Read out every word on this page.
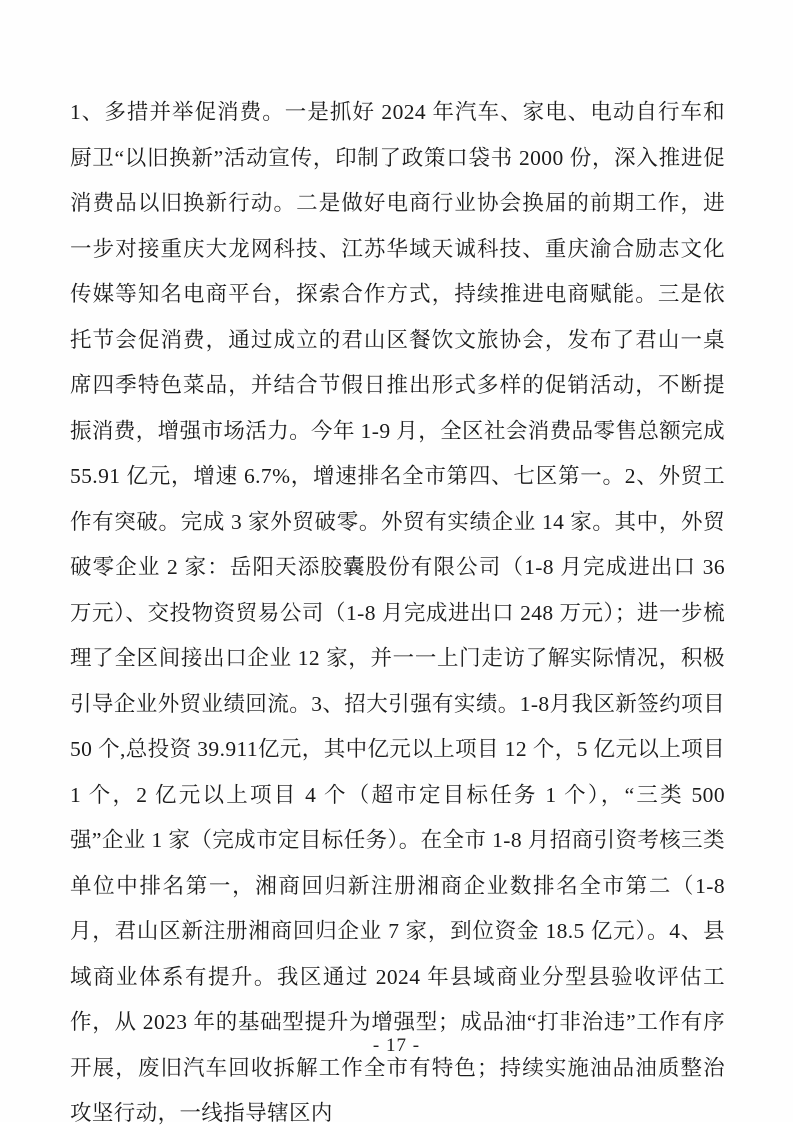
1、多措并举促消费。一是抓好 2024 年汽车、家电、电动自行车和厨卫“以旧换新”活动宣传，印制了政策口袋书 2000 份，深入推进促消费品以旧换新行动。二是做好电商行业协会换届的前期工作，进一步对接重庆大龙网科技、江苏华域天诚科技、重庆渝合励志文化传媒等知名电商平台，探索合作方式，持续推进电商赋能。三是依托节会促消费，通过成立的君山区餐饮文旅协会，发布了君山一桌席四季特色菜品，并结合节假日推出形式多样的促销活动，不断提振消费，增强市场活力。今年 1-9 月，全区社会消费品零售总额完成 55.91 亿元，增速 6.7%，增速排名全市第四、七区第一。2、外贸工作有突破。完成 3 家外贸破零。外贸有实绩企业 14 家。其中，外贸破零企业 2 家：岳阳天添胶囊股份有限公司（1-8 月完成进出口 36 万元）、交投物资贸易公司（1-8 月完成进出口 248 万元）；进一步梳理了全区间接出口企业 12 家，并一一上门走访了解实际情况，积极引导企业外贸业绩回流。3、招大引强有实绩。1-8月我区新签约项目 50 个,总投资 39.911亿元，其中亿元以上项目 12 个，5 亿元以上项目 1 个，2 亿元以上项目 4 个（超市定目标任务 1 个），“三类 500 强”企业 1 家（完成市定目标任务）。在全市 1-8 月招商引资考核三类单位中排名第一，湘商回归新注册湘商企业数排名全市第二（1-8 月，君山区新注册湘商回归企业 7 家，到位资金 18.5 亿元）。4、县域商业体系有提升。我区通过 2024 年县域商业分型县验收评估工作，从 2023 年的基础型提升为增强型；成品油“打非治违”工作有序开展，废旧汽车回收拆解工作全市有特色；持续实施油品油质整治攻坚行动，一线指导辖区内

- 17 -
